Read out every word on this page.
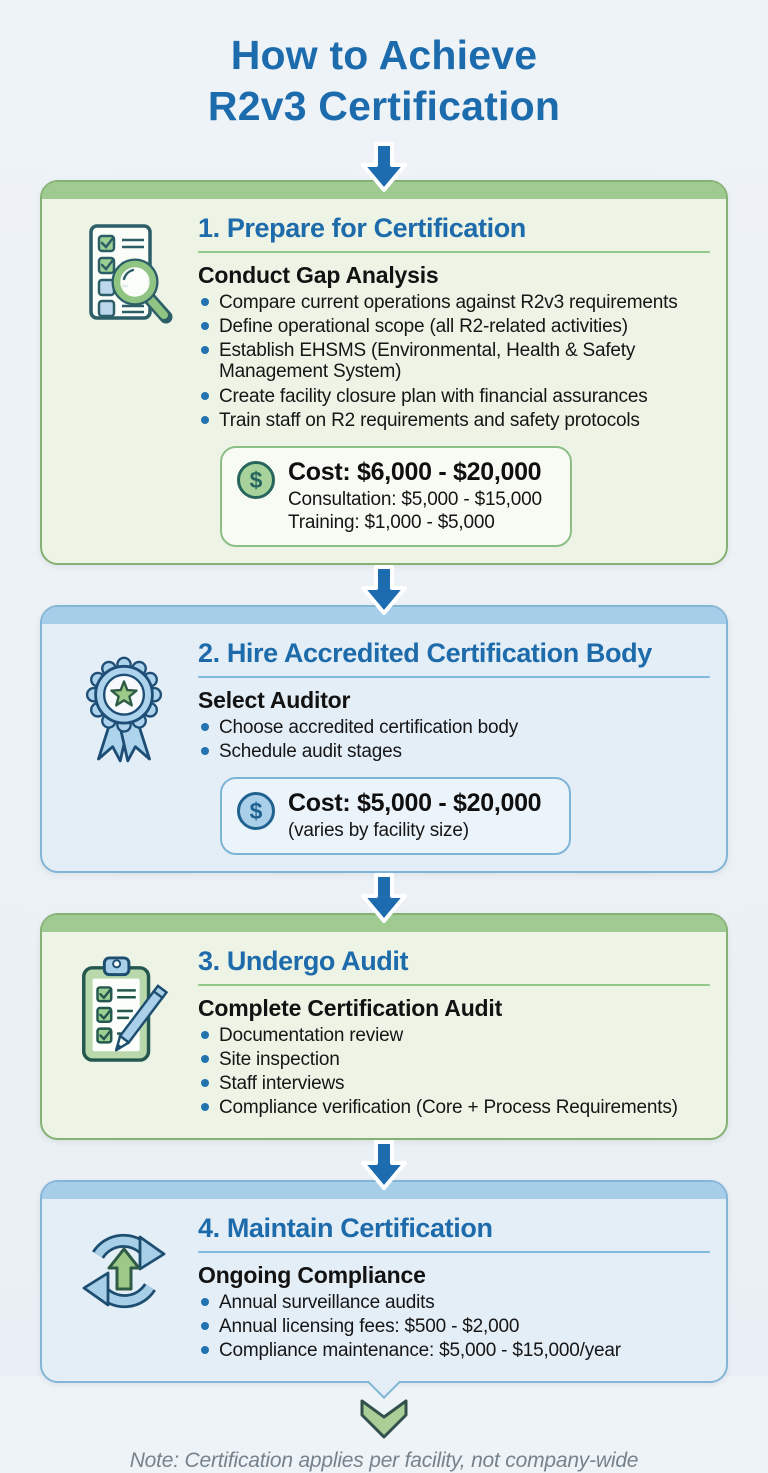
How to Achieve
R2v3 Certification
1. Prepare for Certification
Conduct Gap Analysis
Compare current operations against R2v3 requirements
Define operational scope (all R2-related activities)
Establish EHSMS (Environmental, Health & Safety Management System)
Create facility closure plan with financial assurances
Train staff on R2 requirements and safety protocols
$	Cost: $6,000 - $20,000
Consultation: $5,000 - $15,000
Training: $1,000 - $5,000
2. Hire Accredited Certification Body
Select Auditor
Choose accredited certification body
Schedule audit stages
$	Cost: $5,000 - $20,000
(varies by facility size)
3. Undergo Audit
Complete Certification Audit
Documentation review
Site inspection
Staff interviews
Compliance verification (Core + Process Requirements)
4. Maintain Certification
Ongoing Compliance
Annual surveillance audits
Annual licensing fees: $500 - $2,000
Compliance maintenance: $5,000 - $15,000/year
Note: Certification applies per facility, not company-wide
